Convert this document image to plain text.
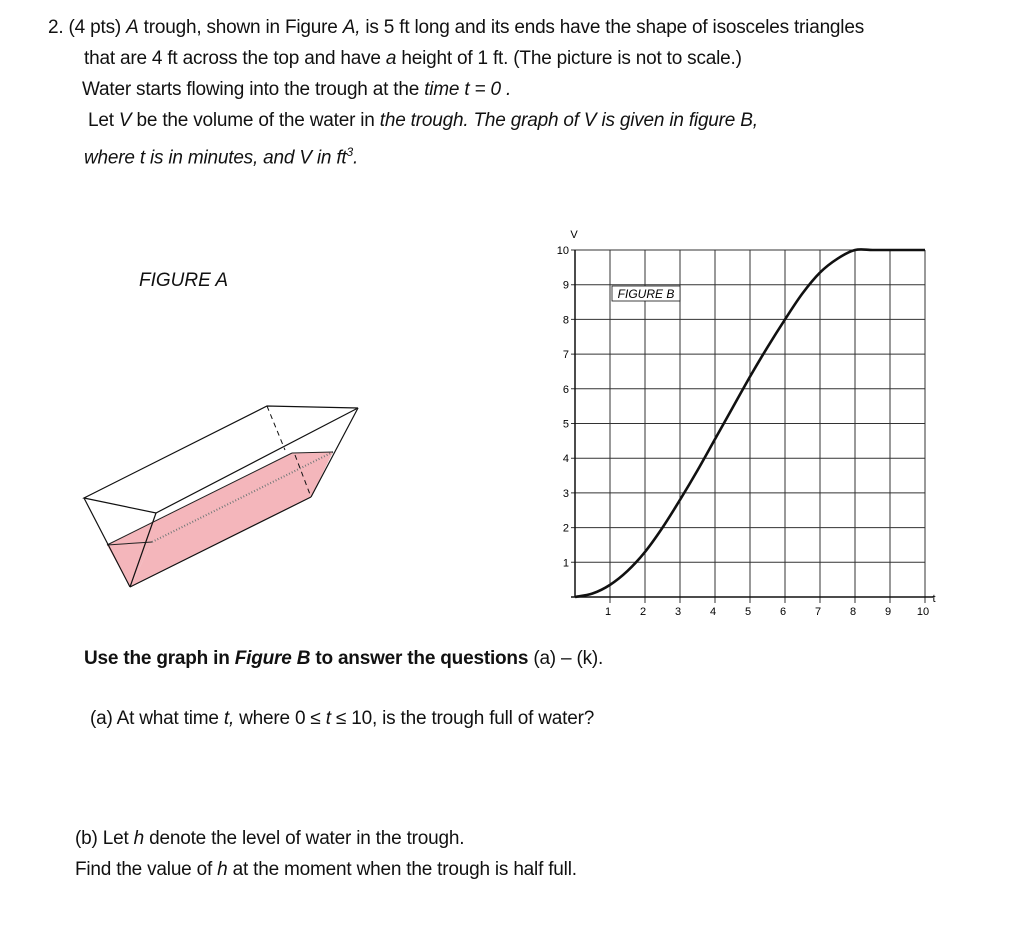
2. (4 pts) A trough, shown in Figure A, is 5 ft long and its ends have the shape of isosceles triangles
that are 4 ft across the top and have a height of 1 ft. (The picture is not to scale.)
Water starts flowing into the trough at the time t = 0 .
Let V be the volume of the water in the trough. The graph of V is given in figure B,
where t is in minutes, and V in $ft^3$.
FIGURE A
V
t
1	2	3	4	5	6	7	8	9 10
1
2
3
4
5
6
7
8
9
10
FIGURE B
Use the graph in Figure B to answer the questions (a) – (k).
(a) At what time t, where 0 ≤ t ≤ 10, is the trough full of water?
(b) Let h denote the level of water in the trough.
Find the value of h at the moment when the trough is half full.
